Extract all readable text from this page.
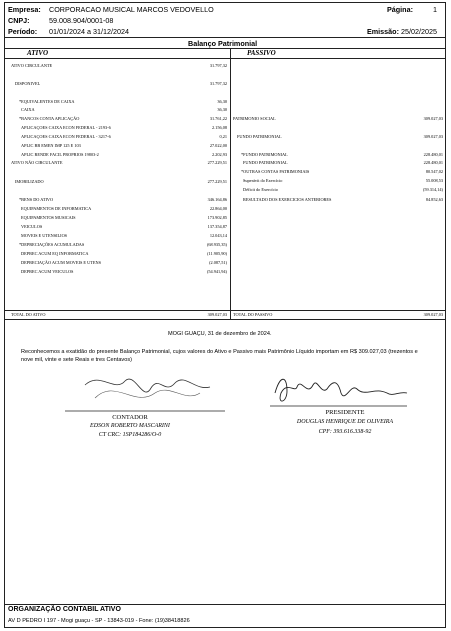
Empresa: CORPORACAO MUSICAL MARCOS VEDOVELLO	Página:	1
CNPJ:	59.008.904/0001-08
Período: 01/01/2024 a 31/12/2024	Emissão: 25/02/2025
Balanço Patrimonial
ATIVO	PASSIVO
ATIVO CIRCULANTE	31.797,32
DISPONIVEL	31.797,32
*EQUIVALENTES DE CAIXA	36,30
CAIXA	36,30
*BANCOS CONTA APLICAÇÃO	31.761,22
APLICAÇOES CAIXA ECON FEDERAL - 2193-6	2.156,08
APLICAÇOES CAIXA ECON FEDERAL - 3217-6	0,21
APLIC BB EMEN IMP 125 E 103	27.022,00
APLIC RENDE FACIL PROPRIOS 19803-2	2.202,93
ATIVO NÃO CIRCULANTE	277.229,51
IMOBILIZADO	277.229,51
*BENS DO ATIVO	346.164,86
EQUIPAMENTOS DE INFORMATICA	22.864,00
EQUIPAMENTOS MUSICAIS	173.902,85
VEICULOS	137.354,87
MOVEIS E UTENSILIOS	12.043,14
*DEPRECIAÇÕES ACUMULADAS	(68.935,35)
DEPREC ACUM EQ INFORMATICA	(11.905,90)
DEPRECIAÇÃO ACUM MOVEIS E UTENS	(2.087,51)
DEPREC ACUM VEICULOS	(54.941,94)
PATRIMONIO SOCIAL	309.027,03
FUNDO PATRIMONIAL	309.027,03
*FUNDO PATRIMONIAL	228.480,01
FUNDO PATRIMONIAL	228.480,01
*OUTRAS CONTAS PATRIMONIAIS	80.547,02
Superávit do Exercício	55.008,53
Déficit do Exercício	(59.314,14)
RESULTADO DOS EXERCICIOS ANTERIORES	84.852,63
TOTAL DO ATIVO	309.027,03 TOTAL DO PASSIVO	309.027,03
MOGI GUAÇU, 31 de dezembro de 2024.
Reconhecemos a exatidão do presente Balanço Patrimonial, cujos valores do Ativo e Passivo mais Patrimônio Líquido importam em R$ 309.027,03 (trezentos e nove mil, vinte e sete Reais e tres Centavos)
CONTADOR
EDSON ROBERTO MASCARINI
CT CRC: 1SP184286/O-0
PRESIDENTE
DOUGLAS HENRIQUE DE OLIVEIRA
CPF: 393.616.338-92
ORGANIZAÇÃO CONTABIL ATIVO
AV D PEDRO I 197 - Mogi guaçu - SP - 13843-019 - Fone: (19)38418826
